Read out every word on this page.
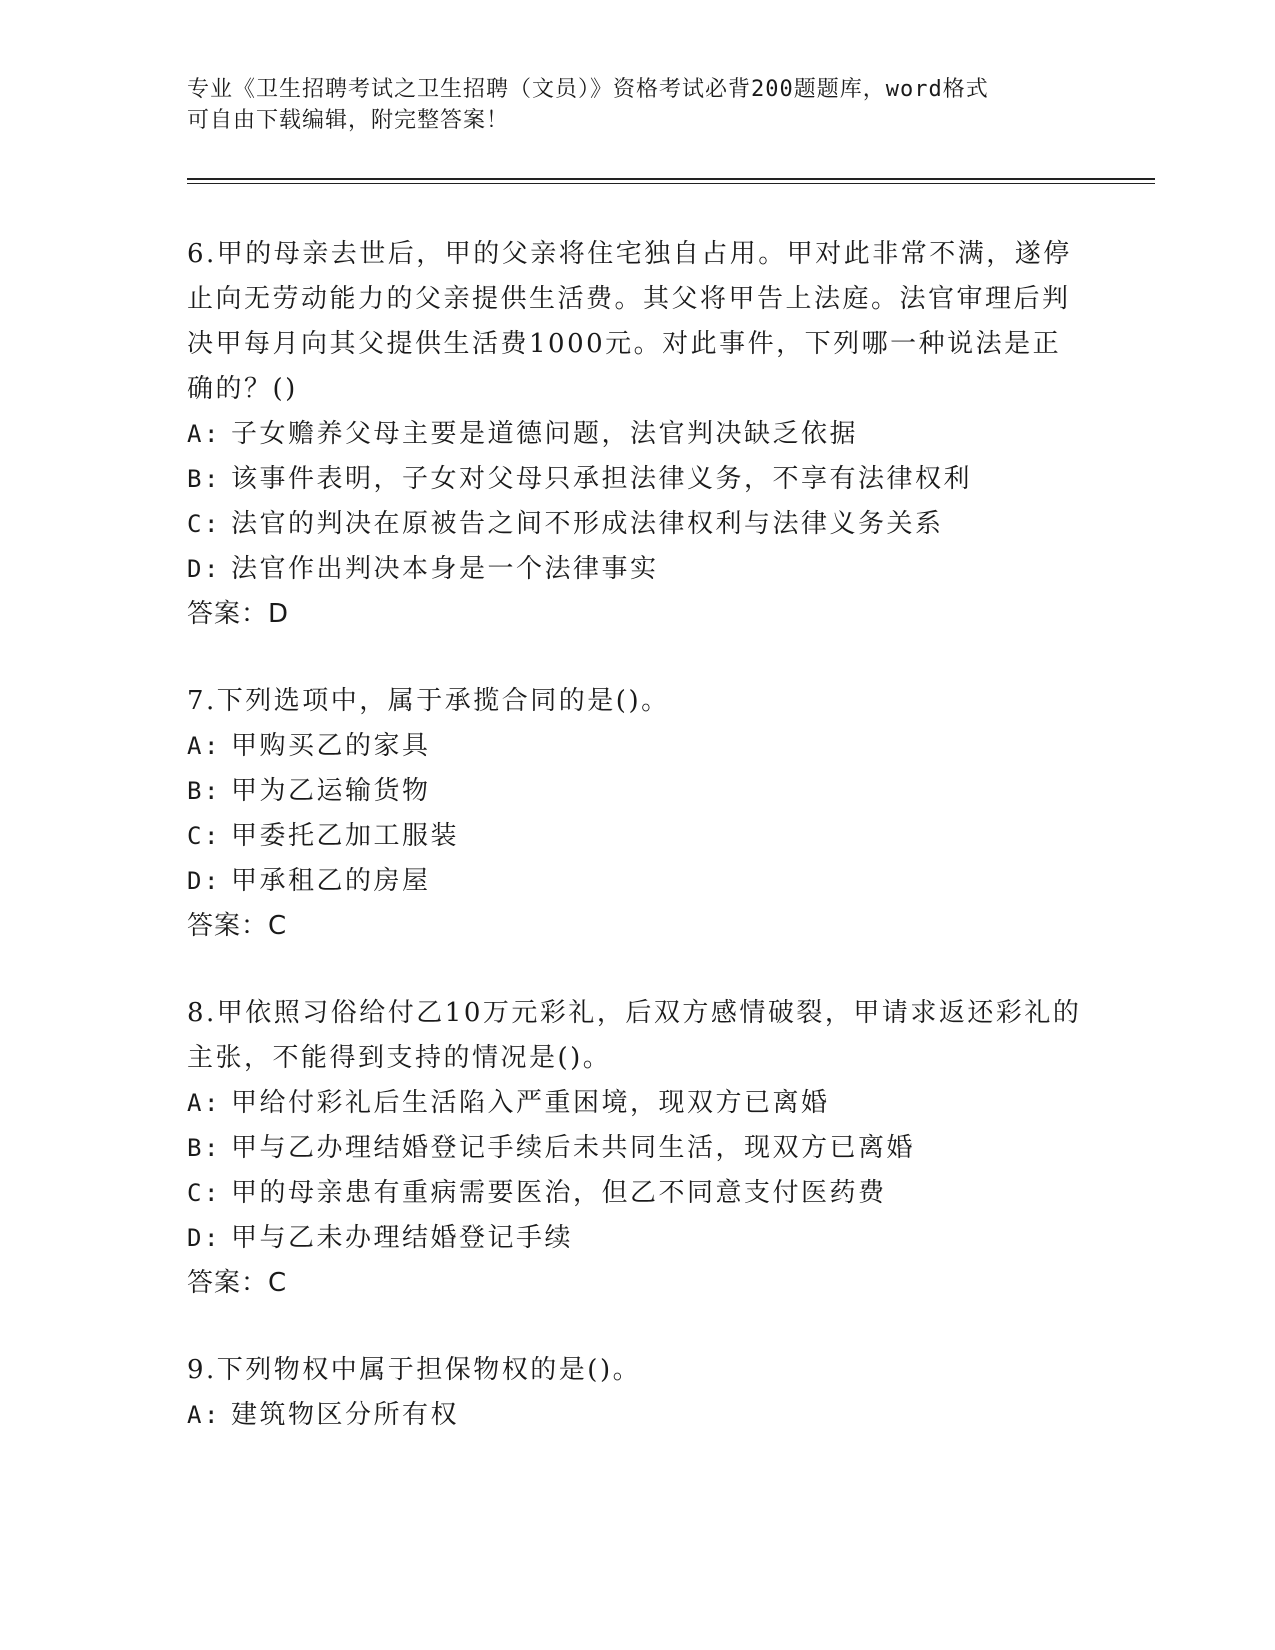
专业《卫生招聘考试之卫生招聘（文员）》资格考试必背200题题库，word格式
可自由下载编辑，附完整答案！

6.甲的母亲去世后，甲的父亲将住宅独自占用。甲对此非常不满，遂停止向无劳动能力的父亲提供生活费。其父将甲告上法庭。法官审理后判决甲每月向其父提供生活费1000元。对此事件，下列哪一种说法是正确的？()

A: 子女赡养父母主要是道德问题，法官判决缺乏依据

B: 该事件表明，子女对父母只承担法律义务，不享有法律权利

C: 法官的判决在原被告之间不形成法律权利与法律义务关系

D: 法官作出判决本身是一个法律事实

答案：D

7.下列选项中，属于承揽合同的是()。

A: 甲购买乙的家具

B: 甲为乙运输货物

C: 甲委托乙加工服装

D: 甲承租乙的房屋

答案：C

8.甲依照习俗给付乙10万元彩礼，后双方感情破裂，甲请求返还彩礼的主张，不能得到支持的情况是()。

A: 甲给付彩礼后生活陷入严重困境，现双方已离婚

B: 甲与乙办理结婚登记手续后未共同生活，现双方已离婚

C: 甲的母亲患有重病需要医治，但乙不同意支付医药费

D: 甲与乙未办理结婚登记手续

答案：C

9.下列物权中属于担保物权的是()。

A: 建筑物区分所有权
